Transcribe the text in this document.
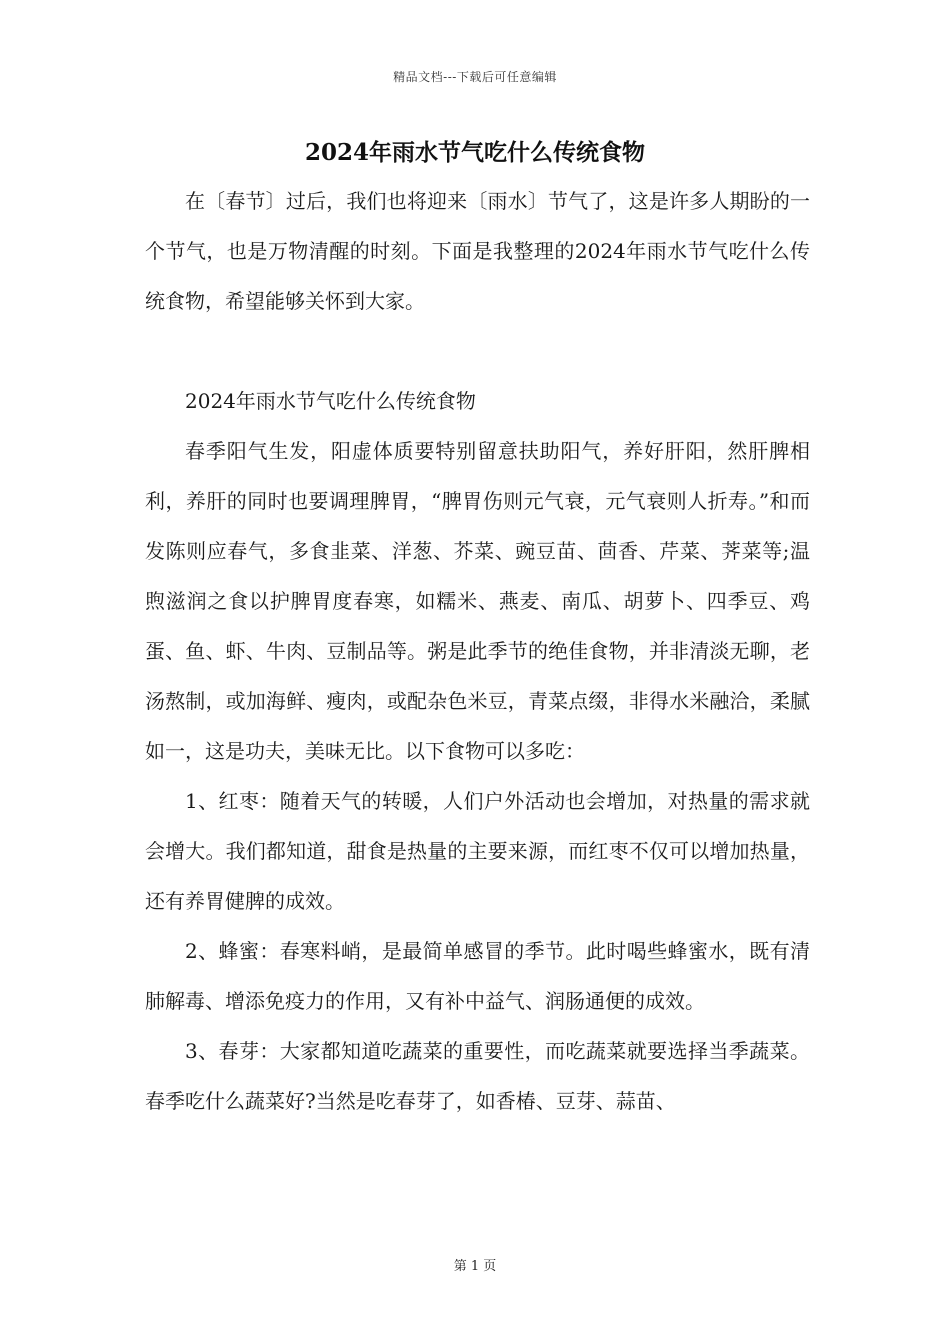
精品文档---下载后可任意编辑
2024年雨水节气吃什么传统食物

在〔春节〕过后，我们也将迎来〔雨水〕节气了，这是许多人期盼的一个节气，也是万物清醒的时刻。下面是我整理的2024年雨水节气吃什么传统食物，希望能够关怀到大家。

2024年雨水节气吃什么传统食物

春季阳气生发，阳虚体质要特别留意扶助阳气，养好肝阳，然肝脾相利，养肝的同时也要调理脾胃，“脾胃伤则元气衰，元气衰则人折寿。”和而发陈则应春气，多食韭菜、洋葱、芥菜、豌豆苗、茴香、芹菜、荠菜等;温煦滋润之食以护脾胃度春寒，如糯米、燕麦、南瓜、胡萝卜、四季豆、鸡蛋、鱼、虾、牛肉、豆制品等。粥是此季节的绝佳食物，并非清淡无聊，老汤熬制，或加海鲜、瘦肉，或配杂色米豆，青菜点缀，非得水米融洽，柔腻如一，这是功夫，美味无比。以下食物可以多吃：

1、红枣：随着天气的转暖，人们户外活动也会增加，对热量的需求就会增大。我们都知道，甜食是热量的主要来源，而红枣不仅可以增加热量，还有养胃健脾的成效。

2、蜂蜜：春寒料峭，是最简单感冒的季节。此时喝些蜂蜜水，既有清肺解毒、增添免疫力的作用，又有补中益气、润肠通便的成效。

3、春芽：大家都知道吃蔬菜的重要性，而吃蔬菜就要选择当季蔬菜。春季吃什么蔬菜好?当然是吃春芽了，如香椿、豆芽、蒜苗、

第 1 页
